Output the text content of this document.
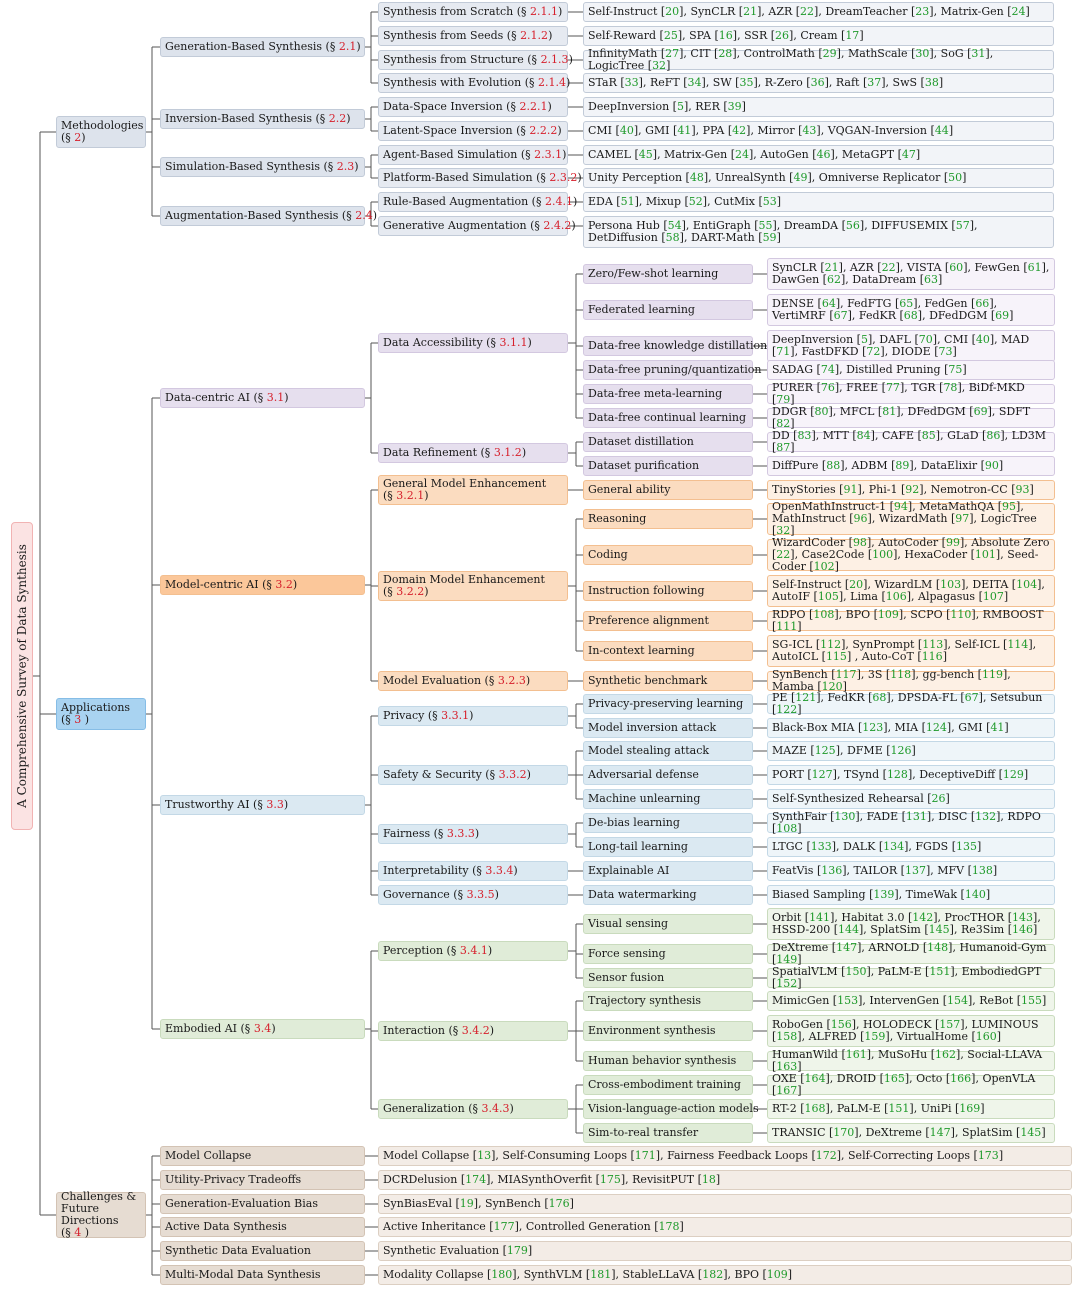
A Comprehensive Survey of Data Synthesis
Methodologies
(§ 2)
Generation-Based Synthesis (§ 2.1)
Synthesis from Scratch (§ 2.1.1) Self-Instruct [20], SynCLR [21], AZR [22], DreamTeacher [23], Matrix-Gen [24]
Synthesis from Seeds (§ 2.1.2)	Self-Reward [25], SPA [16], SSR [26], Cream [17]
Synthesis from Structure (§ 2.1.3) InfinityMath [27], CIT [28], ControlMath [29], MathScale [30], SoG [31], LogicTree [32]
Synthesis with Evolution (§ 2.1.4) STaR [33], ReFT [34], SW [35], R-Zero [36], Raft [37], SwS [38]
Inversion-Based Synthesis (§ 2.2)
Data-Space Inversion (§ 2.2.1)	DeepInversion [5], RER [39]
Latent-Space Inversion (§ 2.2.2) CMI [40], GMI [41], PPA [42], Mirror [43], VQGAN-Inversion [44]
Simulation-Based Synthesis (§ 2.3)
Agent-Based Simulation (§ 2.3.1) CAMEL [45], Matrix-Gen [24], AutoGen [46], MetaGPT [47]
Platform-Based Simulation (§ 2.3.2) Unity Perception [48], UnrealSynth [49], Omniverse Replicator [50]
Augmentation-Based Synthesis (§ 2.4)
Rule-Based Augmentation (§ 2.4.1) EDA [51], Mixup [52], CutMix [53]
Generative Augmentation (§ 2.4.2) Persona Hub [54], EntiGraph [55], DreamDA [56], DIFFUSEMIX [57], DetDiffusion [58], DART-Math [59]
Applications
(§ 3 )
Data-centric AI (§ 3.1)
Data Accessibility (§ 3.1.1)
Zero/Few-shot learning	SynCLR [21], AZR [22], VISTA [60], FewGen [61], DawGen [62], DataDream [63]
Federated learning	DENSE [64], FedFTG [65], FedGen [66], VertiMRF [67], FedKR [68], DFedDGM [69]
Data-free knowledge distillation DeepInversion [5], DAFL [70], CMI [40], MAD [71], FastDFKD [72], DIODE [73]
Data-free pruning/quantization SADAG [74], Distilled Pruning [75]
Data-free meta-learning	PURER [76], FREE [77], TGR [78], BiDf-MKD [79]
Data-free continual learning DDGR [80], MFCL [81], DFedDGM [69], SDFT [82]
Data Refinement (§ 3.1.2)
Dataset distillation	DD [83], MTT [84], CAFE [85], GLaD [86], LD3M [87]
Dataset purification	DiffPure [88], ADBM [89], DataElixir [90]
Model-centric AI (§ 3.2)
General Model Enhancement
(§ 3.2.1)	General ability	TinyStories [91], Phi-1 [92], Nemotron-CC [93]
Domain Model Enhancement
(§ 3.2.2)
Reasoning
OpenMathInstruct-1 [94], MetaMathQA [95], MathInstruct [96], WizardMath [97], LogicTree [32]
Coding
WizardCoder [98], AutoCoder [99], Absolute Zero [22], Case2Code [100], HexaCoder [101], Seed-Coder [102]
Instruction following	Self-Instruct [20], WizardLM [103], DEITA [104], AutoIF [105], Lima [106], Alpagasus [107]
Preference alignment	RDPO [108], BPO [109], SCPO [110], RMBOOST [111]
In-context learning	SG-ICL [112], SynPrompt [113], Self-ICL [114], AutoICL [115] , Auto-CoT [116]
Model Evaluation (§ 3.2.3)	Synthetic benchmark	SynBench [117], 3S [118], gg-bench [119], Mamba [120]
Trustworthy AI (§ 3.3)
Privacy (§ 3.3.1)
Privacy-preserving learning	PE [121], FedKR [68], DPSDA-FL [67], Setsubun [122]
Model inversion attack	Black-Box MIA [123], MIA [124], GMI [41]
Safety & Security (§ 3.3.2)
Model stealing attack	MAZE [125], DFME [126]
Adversarial defense	PORT [127], TSynd [128], DeceptiveDiff [129]
Machine unlearning	Self-Synthesized Rehearsal [26]
Fairness (§ 3.3.3)
De-bias learning	SynthFair [130], FADE [131], DISC [132], RDPO [108]
Long-tail learning	LTGC [133], DALK [134], FGDS [135]
Interpretability (§ 3.3.4)	Explainable AI	FeatVis [136], TAILOR [137], MFV [138]
Governance (§ 3.3.5)	Data watermarking	Biased Sampling [139], TimeWak [140]
Embodied AI (§ 3.4)
Perception (§ 3.4.1)
Visual sensing	Orbit [141], Habitat 3.0 [142], ProcTHOR [143], HSSD-200 [144], SplatSim [145], Re3Sim [146]
Force sensing	DeXtreme [147], ARNOLD [148], Humanoid-Gym [149]
Sensor fusion	SpatialVLM [150], PaLM-E [151], EmbodiedGPT [152]
Interaction (§ 3.4.2)
Trajectory synthesis	MimicGen [153], IntervenGen [154], ReBot [155]
Environment synthesis	RoboGen [156], HOLODECK [157], LUMINOUS [158], ALFRED [159], VirtualHome [160]
Human behavior synthesis	HumanWild [161], MuSoHu [162], Social-LLAVA [163]
Generalization (§ 3.4.3)
Cross-embodiment training	OXE [164], DROID [165], Octo [166], OpenVLA [167]
Vision-language-action models RT-2 [168], PaLM-E [151], UniPi [169]
Sim-to-real transfer	TRANSIC [170], DeXtreme [147], SplatSim [145]
Challenges & Future Directions
(§ 4 )
Model Collapse	Model Collapse [13], Self-Consuming Loops [171], Fairness Feedback Loops [172], Self-Correcting Loops [173]
Utility-Privacy Tradeoffs	DCRDelusion [174], MIASynthOverfit [175], RevisitPUT [18]
Generation-Evaluation Bias	SynBiasEval [19], SynBench [176]
Active Data Synthesis	Active Inheritance [177], Controlled Generation [178]
Synthetic Data Evaluation	Synthetic Evaluation [179]
Multi-Modal Data Synthesis	Modality Collapse [180], SynthVLM [181], StableLLaVA [182], BPO [109]
